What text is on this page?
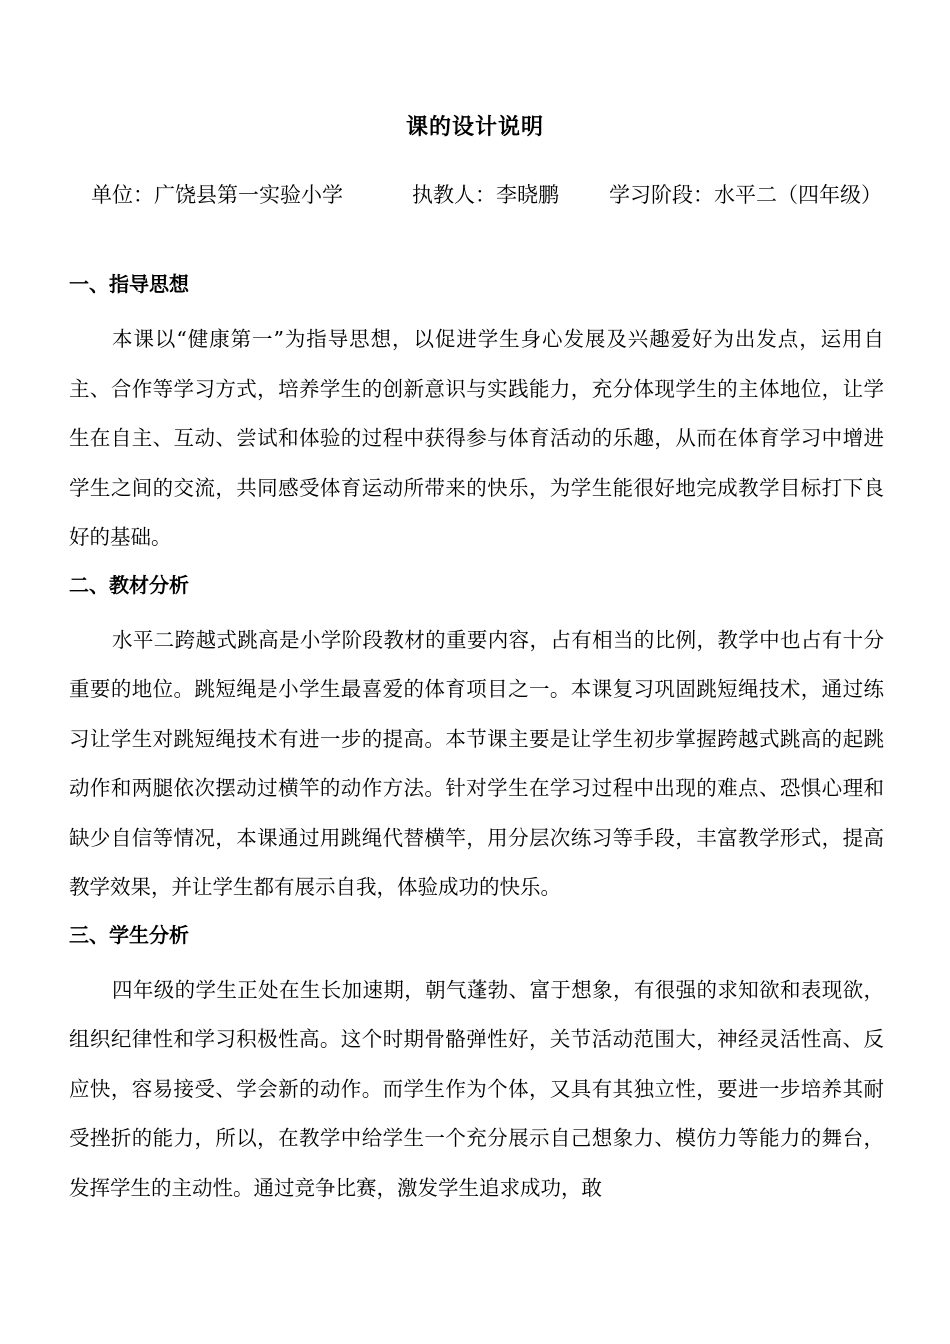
课的设计说明
单位：广饶县第一实验小学	执教人：李晓鹏 学习阶段：水平二（四年级）
一、指导思想

本课以“健康第一”为指导思想，以促进学生身心发展及兴趣爱好为出发点，运用自主、合作等学习方式，培养学生的创新意识与实践能力，充分体现学生的主体地位，让学生在自主、互动、尝试和体验的过程中获得参与体育活动的乐趣，从而在体育学习中增进学生之间的交流，共同感受体育运动所带来的快乐，为学生能很好地完成教学目标打下良好的基础。

二、教材分析

水平二跨越式跳高是小学阶段教材的重要内容，占有相当的比例，教学中也占有十分重要的地位。跳短绳是小学生最喜爱的体育项目之一。本课复习巩固跳短绳技术，通过练习让学生对跳短绳技术有进一步的提高。本节课主要是让学生初步掌握跨越式跳高的起跳动作和两腿依次摆动过横竿的动作方法。针对学生在学习过程中出现的难点、恐惧心理和缺少自信等情况，本课通过用跳绳代替横竿，用分层次练习等手段，丰富教学形式，提高教学效果，并让学生都有展示自我，体验成功的快乐。

三、学生分析

四年级的学生正处在生长加速期，朝气蓬勃、富于想象，有很强的求知欲和表现欲，组织纪律性和学习积极性高。这个时期骨骼弹性好，关节活动范围大，神经灵活性高、反应快，容易接受、学会新的动作。而学生作为个体，又具有其独立性，要进一步培养其耐受挫折的能力，所以，在教学中给学生一个充分展示自己想象力、模仿力等能力的舞台，发挥学生的主动性。通过竞争比赛，激发学生追求成功，敢
